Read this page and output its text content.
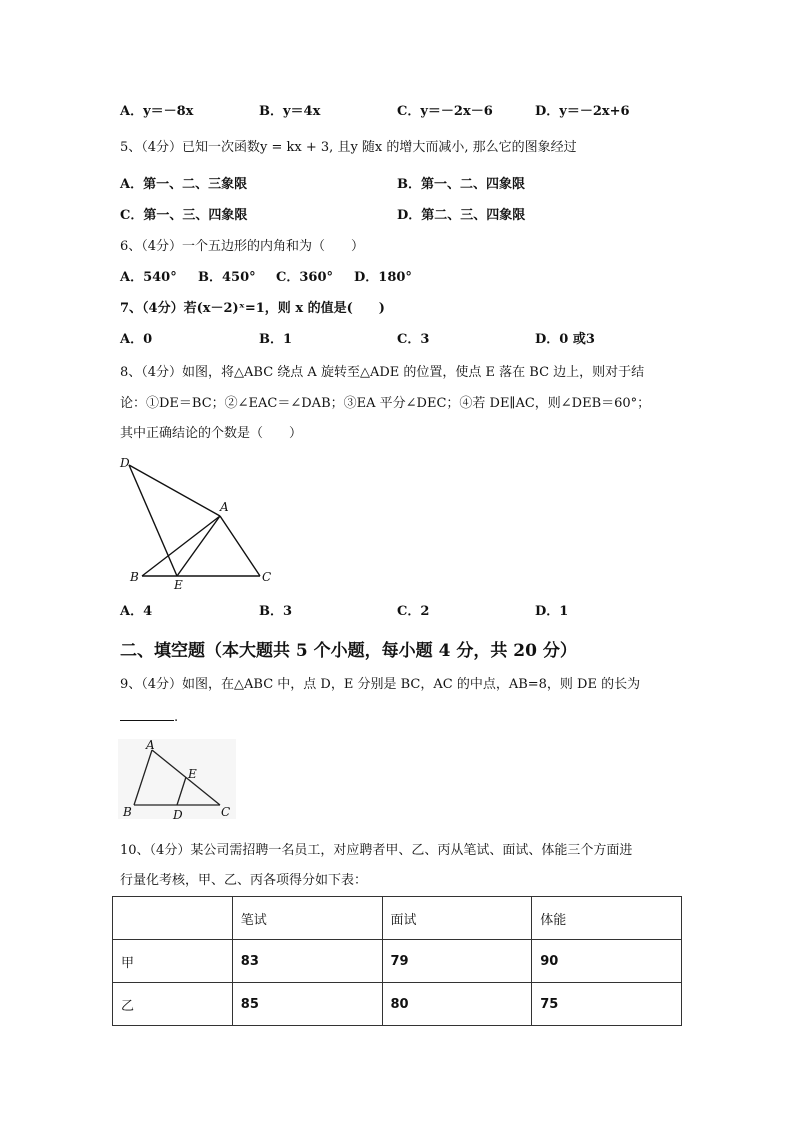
A．y＝－8x	B．y＝4x	C．y＝－2x－6	D．y＝－2x+6
5、（4分）已知一次函数y = kx + 3, 且y 随x 的增大而减小, 那么它的图象经过
A．第一、二、三象限	B．第一、二、四象限
C．第一、三、四象限	D．第二、三、四象限
6、（4分）一个五边形的内角和为（　　）
A．540° B．450° C．360° D．180°
7、（4分）若(x－2)ˣ=1，则 x 的值是(　　)
A．0	B．1	C．3	D．0 或3
8、（4分）如图，将△ABC 绕点 A 旋转至△ADE 的位置，使点 E 落在 BC 边上，则对于结
论：①DE＝BC；②∠EAC＝∠DAB；③EA 平分∠DEC；④若 DE∥AC，则∠DEB＝60°；
其中正确结论的个数是（　　）
D
A
B
E
C
A．4	B．3	C．2	D．1
二、填空题（本大题共 5 个小题，每小题 4 分，共 20 分）
9、（4分）如图，在△ABC 中，点 D，E 分别是 BC，AC 的中点，AB=8，则 DE 的长为
.
A
E
B	D	C
10、（4分）某公司需招聘一名员工，对应聘者甲、乙、丙从笔试、面试、体能三个方面进
行量化考核，甲、乙、丙各项得分如下表：
	笔试	面试	体能
甲	83	79	90
乙	85	80	75
